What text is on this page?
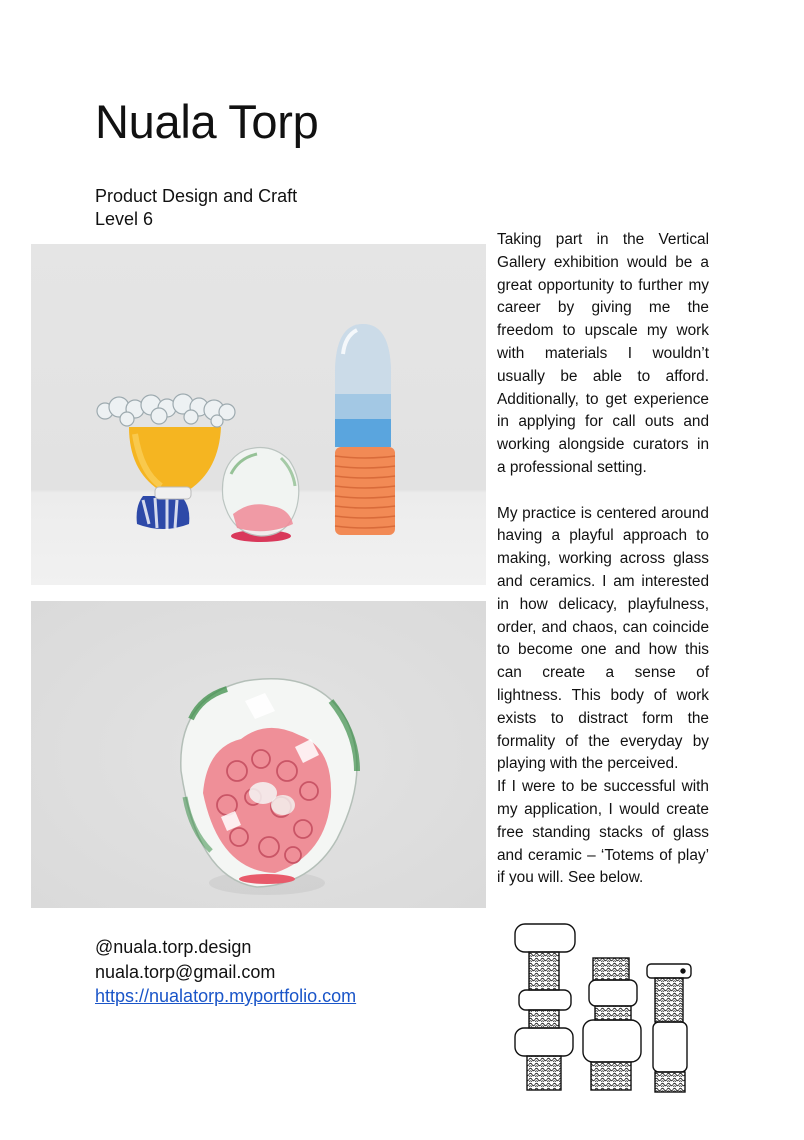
Nuala Torp
Product Design and Craft
Level 6

Taking part in the Vertical Gallery exhibition would be a great opportunity to further my career by giving me the freedom to upscale my work with materials I wouldn’t usually be able to afford. Additionally, to get experience in applying for call outs and working alongside curators in a professional setting.

My practice is centered around having a playful approach to making, working across glass and ceramics. I am interested in how delicacy, playfulness, order, and chaos, can coincide to become one and how this can create a sense of lightness. This body of work exists to distract form the formality of the everyday by playing with the perceived.

If I were to be successful with my application, I would create free standing stacks of glass and ceramic – ‘Totems of play’ if you will. See below.

@nuala.torp.design
nuala.torp@gmail.com
https://nualatorp.myportfolio.com
